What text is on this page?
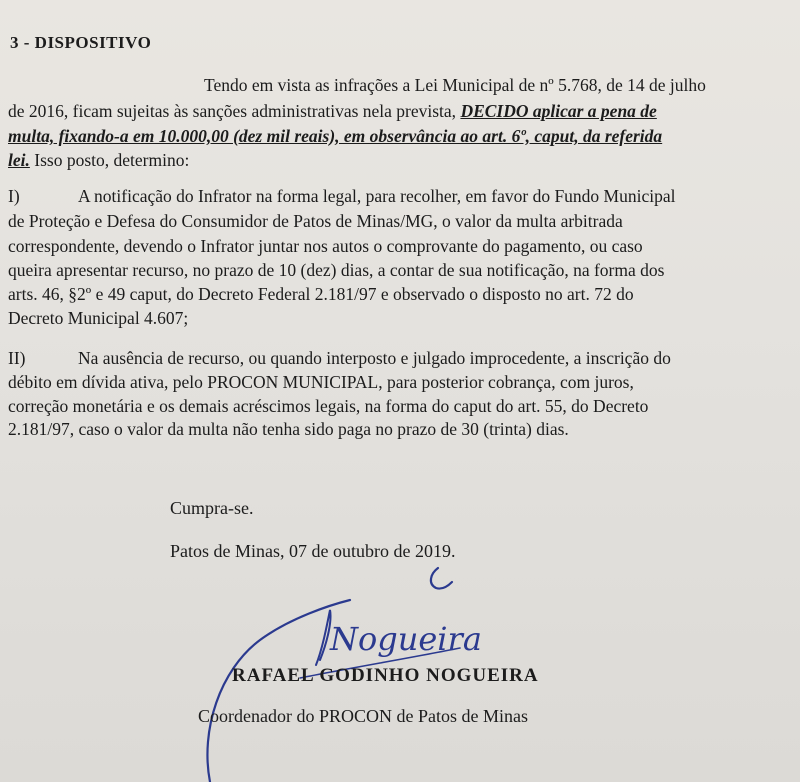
3 - DISPOSITIVO
Tendo em vista as infrações a Lei Municipal de nº 5.768, de 14 de julho
de 2016, ficam sujeitas às sanções administrativas nela prevista, DECIDO aplicar a pena de
multa, fixando-a em 10.000,00 (dez mil reais), em observância ao art. 6º, caput, da referida
lei. Isso posto, determino:
I)	A notificação do Infrator na forma legal, para recolher, em favor do Fundo Municipal
de Proteção e Defesa do Consumidor de Patos de Minas/MG, o valor da multa arbitrada
correspondente, devendo o Infrator juntar nos autos o comprovante do pagamento, ou caso
queira apresentar recurso, no prazo de 10 (dez) dias, a contar de sua notificação, na forma dos
arts. 46, §2º e 49 caput, do Decreto Federal 2.181/97 e observado o disposto no art. 72 do
Decreto Municipal 4.607;
II)	Na ausência de recurso, ou quando interposto e julgado improcedente, a inscrição do
débito em dívida ativa, pelo PROCON MUNICIPAL, para posterior cobrança, com juros,
correção monetária e os demais acréscimos legais, na forma do caput do art. 55, do Decreto
2.181/97, caso o valor da multa não tenha sido paga no prazo de 30 (trinta) dias.
Cumpra-se.
Patos de Minas, 07 de outubro de 2019.
Nogueira
RAFAEL GODINHO NOGUEIRA
Coordenador do PROCON de Patos de Minas
